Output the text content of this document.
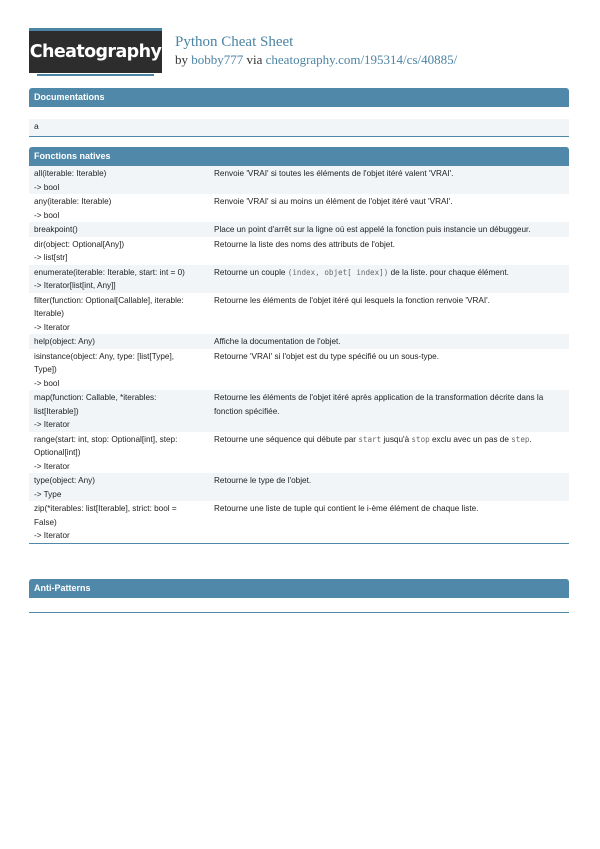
Cheatography Python Cheat Sheet
by bobby777 via cheatography.com/195314/cs/40885/
Documentations
a
Fonctions natives
all(iterable: Iterable)
-> bool
Renvoie 'VRAI' si toutes les éléments de l'objet itéré valent 'VRAI'.
any(iterable: Iterable)
-> bool
Renvoie 'VRAI' si au moins un élément de l'objet itéré vaut 'VRAI'.
breakpoint()	Place un point d'arrêt sur la ligne où est appelé la fonction puis instancie un débuggeur.
dir(object: Optional[Any])
-> list[str]
Retourne la liste des noms des attributs de l'objet.
enumerate(iterable: Iterable, start: int = 0)
-> Iterator[list[int, Any]]
Retourne un couple (index, objet[ index]) de la liste. pour chaque élément.
filter(function: Optional[Callable], iterable:
Iterable)
-> Iterator
Retourne les éléments de l'objet itéré qui lesquels la fonction renvoie 'VRAI'.
help(object: Any)	Affiche la documentation de l'objet.
isinstance(object: Any, type: [list[Type],
Type])
-> bool
Retourne 'VRAI' si l'objet est du type spécifié ou un sous-type.
map(function: Callable, *iterables:
list[Iterable])
-> Iterator
Retourne les éléments de l'objet itéré après application de la transformation décrite dans la
fonction spécifiée.
range(start: int, stop: Optional[int], step:
Optional[int])
-> Iterator
Retourne une séquence qui débute par start jusqu'à stop exclu avec un pas de step.
type(object: Any)
-> Type
Retourne le type de l'objet.
zip(*iterables: list[Iterable], strict: bool =
False)
-> Iterator
Retourne une liste de tuple qui contient le i-ème élément de chaque liste.
Anti-Patterns
